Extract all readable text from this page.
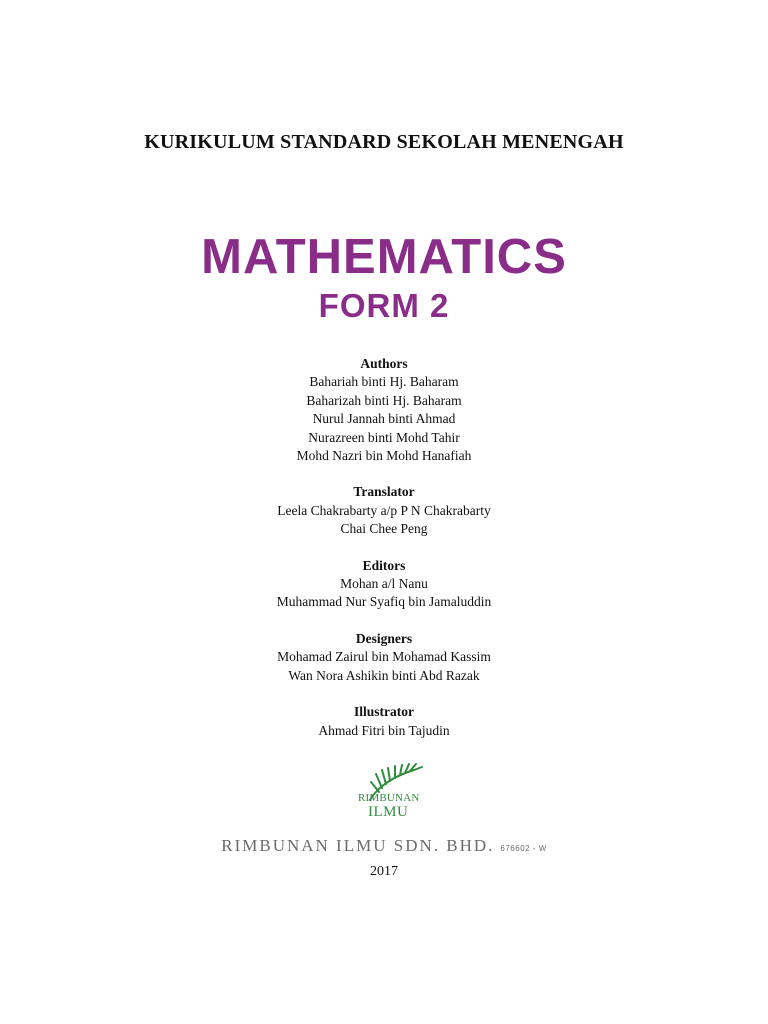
KURIKULUM STANDARD SEKOLAH MENENGAH
MATHEMATICS
FORM 2
Authors
Bahariah binti Hj. Baharam
Baharizah binti Hj. Baharam
Nurul Jannah binti Ahmad
Nurazreen binti Mohd Tahir
Mohd Nazri bin Mohd Hanafiah
Translator
Leela Chakrabarty a/p P N Chakrabarty
Chai Chee Peng
Editors
Mohan a/l Nanu
Muhammad Nur Syafiq bin Jamaluddin
Designers
Mohamad Zairul bin Mohamad Kassim
Wan Nora Ashikin binti Abd Razak
Illustrator
Ahmad Fitri bin Tajudin
RIMBUNAN
ILMU
RIMBUNAN ILMU SDN. BHD. 676602 - W
2017
